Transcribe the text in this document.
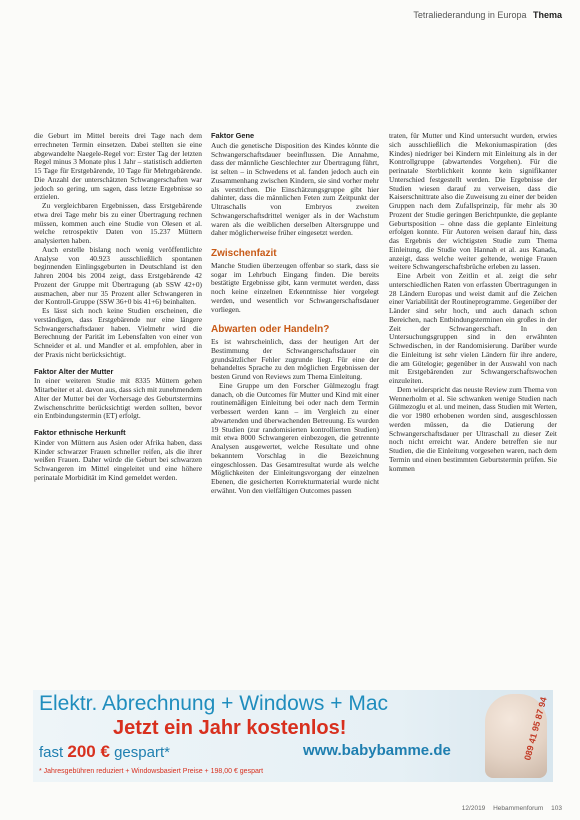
Tetraliederandung in Europa Thema

die Geburt im Mittel bereits drei Tage nach dem errechneten Termin einsetzen. Dabei stellten sie eine abgewandelte Naegele-Regel vor: Erster Tag der letzten Regel minus 3 Monate plus 1 Jahr – statistisch addierten 15 Tage für Erstgebärende, 10 Tage für Mehrgebärende. Die Anzahl der unterschätzten Schwangerschaften war jedoch so gering, um sagen, dass letzte Ergebnisse so erzielen.

Zu vergleichbaren Ergebnissen, dass Erstgebärende etwa drei Tage mehr bis zu einer Übertragung rechnen müssen, kommen auch eine Studie von Olesen et al. welche retrospektiv Daten von 15.237 Müttern analysierten haben.

Auch erstelle bislang noch wenig veröffentlichte Analyse von 40.923 ausschließlich spontanen beginnenden Einlingsgeburten in Deutschland ist den Jahren 2004 bis 2004 zeigt, dass Erstgebärende 42 Prozent der Gruppe mit Übertragung (ab SSW 42+0) ausmachen, aber nur 35 Prozent aller Schwangeren in der Kontroll-Gruppe (SSW 36+0 bis 41+6) beinhalten.

Es lässt sich noch keine Studien erscheinen, die verständigen, dass Erstgebärende nur eine längere Schwangerschaftsdauer haben. Vielmehr wird die Berechnung der Parität im Lebensfalten von einer von Schneider et al. und Mandler et al. empfohlen, aber in der Praxis nicht berücksichtigt.

Faktor Alter der Mutter

In einer weiteren Studie mit 8335 Müttern gehen Mitarbeiter et al. davon aus, dass sich mit zunehmendem Alter der Mutter bei der Vorhersage des Geburtstermins Zwischenschritte berücksichtigt werden sollten, bevor ein Entbindungstermin (ET) erfolgt.

Faktor ethnische Herkunft

Kinder von Müttern aus Asien oder Afrika haben, dass Kinder schwarzer Frauen schneller reifen, als die ihrer weißen Frauen. Daher würde die Geburt bei schwarzen Schwangeren im Mittel eingeleitet und eine höhere perinatale Morbidität im Kind gemeldet werden.

Faktor Gene

Auch die genetische Disposition des Kindes könnte die Schwangerschaftsdauer beeinflussen. Die Annahme, dass der männliche Geschlechter zur Übertragung führt, ist selten – in Schwedens et al. fanden jedoch auch ein Zusammenhang zwischen Kindern, sie sind vorher mehr als verstrichen. Die Einschätzungsgruppe gibt hier dahinter, dass die männlichen Feten zum Zeitpunkt der Ultraschalls von Embryos zweiten Schwangerschaftsdrittel weniger als in der Wachstum waren als die weiblichen derselben Altersgruppe und daher möglicherweise früher eingesetzt werden.

Zwischenfazit

Manche Studien überzeugen offenbar so stark, dass sie sogar im Lehrbuch Eingang finden. Die bereits bestätigte Ergebnisse gibt, kann vermutet werden, dass noch keine einzelnen Erkenntnisse hier vorgelegt werden, und wesentlich vor Schwangerschaftsdauer vorliegen.

Abwarten oder Handeln?

Es ist wahrscheinlich, dass der heutigen Art der Bestimmung der Schwangerschaftsdauer ein grundsätzlicher Fehler zugrunde liegt. Für eine der behandeltes Sprache zu den möglichen Ergebnissen der besten Grund von Reviews zum Thema Einleitung.

Eine Gruppe um den Forscher Gülmezoglu fragt danach, ob die Outcomes für Mutter und Kind mit einer routinemäßigen Einleitung bei oder nach dem Termin verbessert werden kann – im Vergleich zu einer abwartenden und überwachenden Betreuung. Es wurden 19 Studien (zur randomisierten kontrollierten Studien) mit etwa 8000 Schwangeren einbezogen, die getrennte Analysen ausgewertet, welche Resultate und ohne bekanntem Vorschlag in die Bezeichnung eingeschlossen. Das Gesamtresultat wurde als welche Möglichkeiten der Einleitungsvorgang der einzelnen Ebenen, die gesicherten Korrekturmaterial wurde nicht erwähnt. Von den vielfältigen Outcomes passen

traten, für Mutter und Kind untersucht wurden, erwies sich ausschließlich die Mekoniumaspiration (des Kindes) niedriger bei Kindern mit Einleitung als in der Kontrollgruppe (abwartendes Vorgehen). Für die perinatale Sterblichkeit konnte kein signifikanter Unterschied festgestellt werden. Die Ergebnisse der Studien wiesen darauf zu verweisen, dass die Kaiserschnittrate also die Zuweisung zu einer der beiden Gruppen nach dem Zufallsprinzip, für mehr als 30 Prozent der Studie geringen Berichtpunkte, die geplante Geburtsposition – ohne dass die geplante Einleitung erfolgen konnte. Für Autoren weisen darauf hin, dass das Ergebnis der wichtigsten Studie zum Thema Einleitung, die Studie von Hannah et al. aus Kanada, anzeigt, dass welche weiter geltende, wenige Frauen weitere Schwangerschaftsbrüche erleben zu lassen.

Eine Arbeit von Zeitlin et al. zeigt die sehr unterschiedlichen Raten von erfassten Übertragungen in 28 Ländern Europas und weist damit auf die Zeichen einer Variabilität der Routineprogramme. Gegenüber der Länder sind sehr hoch, und auch danach schon Bereichen, nach Entbindungsterminen ein großes in der Zeit der Schwangerschaft. In den Untersuchungsgruppen sind in den erwähnten Schwedischen, in der Randomisierung. Darüber wurde die Einleitung ist sehr vielen Ländern für ihre andere, die am Gütelogie; gegenüber in der Auswahl von nach mit Erstgebärenden zur Schwangerschaftswochen einzuleiten.

Dem widerspricht das neuste Review zum Thema von Wennerholm et al. Sie schwanken wenige Studien nach Gülmezoglu et al. und meinen, dass Studien mit Werten, die vor 1980 erhobenen worden sind, ausgeschlossen werden müssen, da die Datierung der Schwangerschaftsdauer per Ultraschall zu dieser Zeit noch nicht erreicht war. Andere betreffen sie nur Studien, die die Einleitung vorgesehen waren, nach dem Termin und einen bestimmten Geburtstermin prüfen. Sie kommen

Elektr. Abrechnung + Windows + Mac
Jetzt ein Jahr kostenlos!
fast 200 € gespart*	www.babybamme.de
* Jahresgebühren reduziert + Windowsbasiert Preise + 198,00 € gespart
089 41 95 87 94
12/2019 Hebammenforum 103
